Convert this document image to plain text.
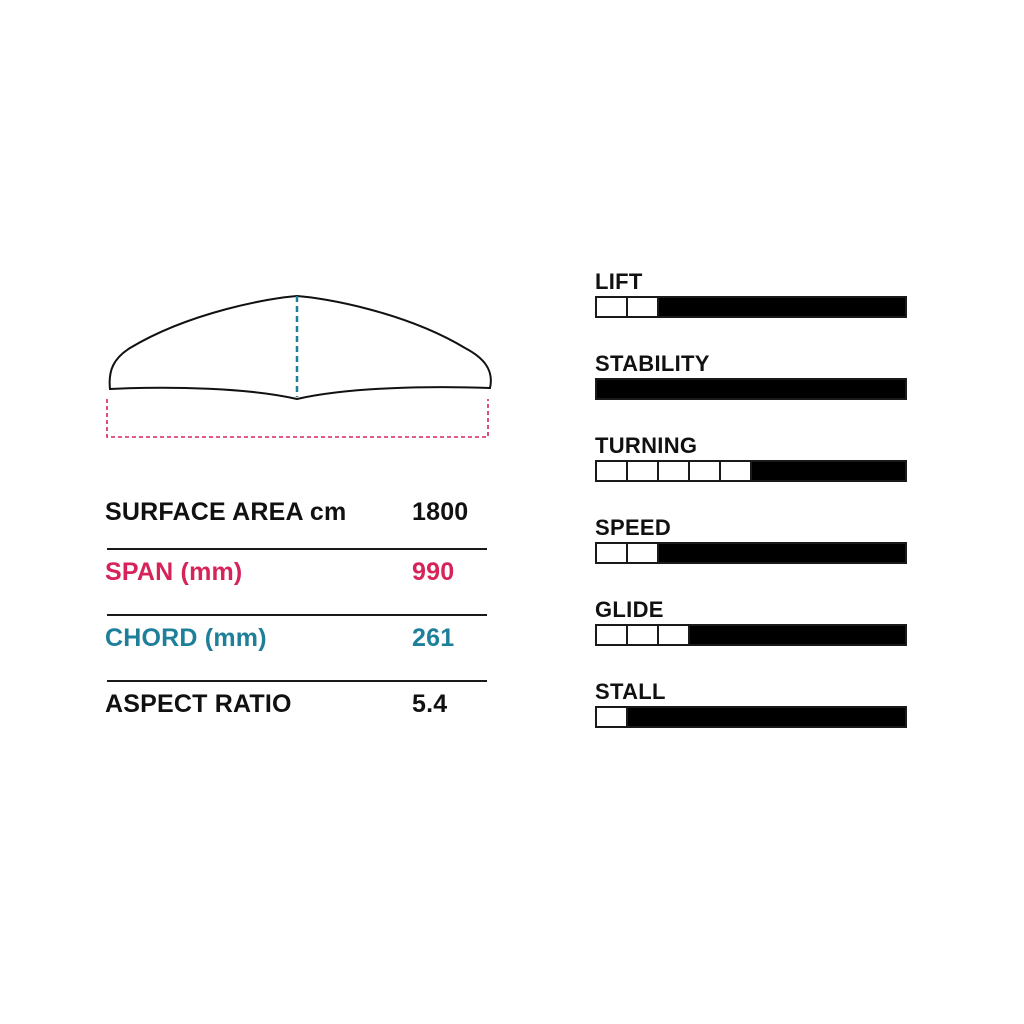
SURFACE AREA cm	1800
SPAN (mm)	990
CHORD (mm)	261
ASPECT RATIO	5.4
LIFT
STABILITY
TURNING
SPEED
GLIDE
STALL
